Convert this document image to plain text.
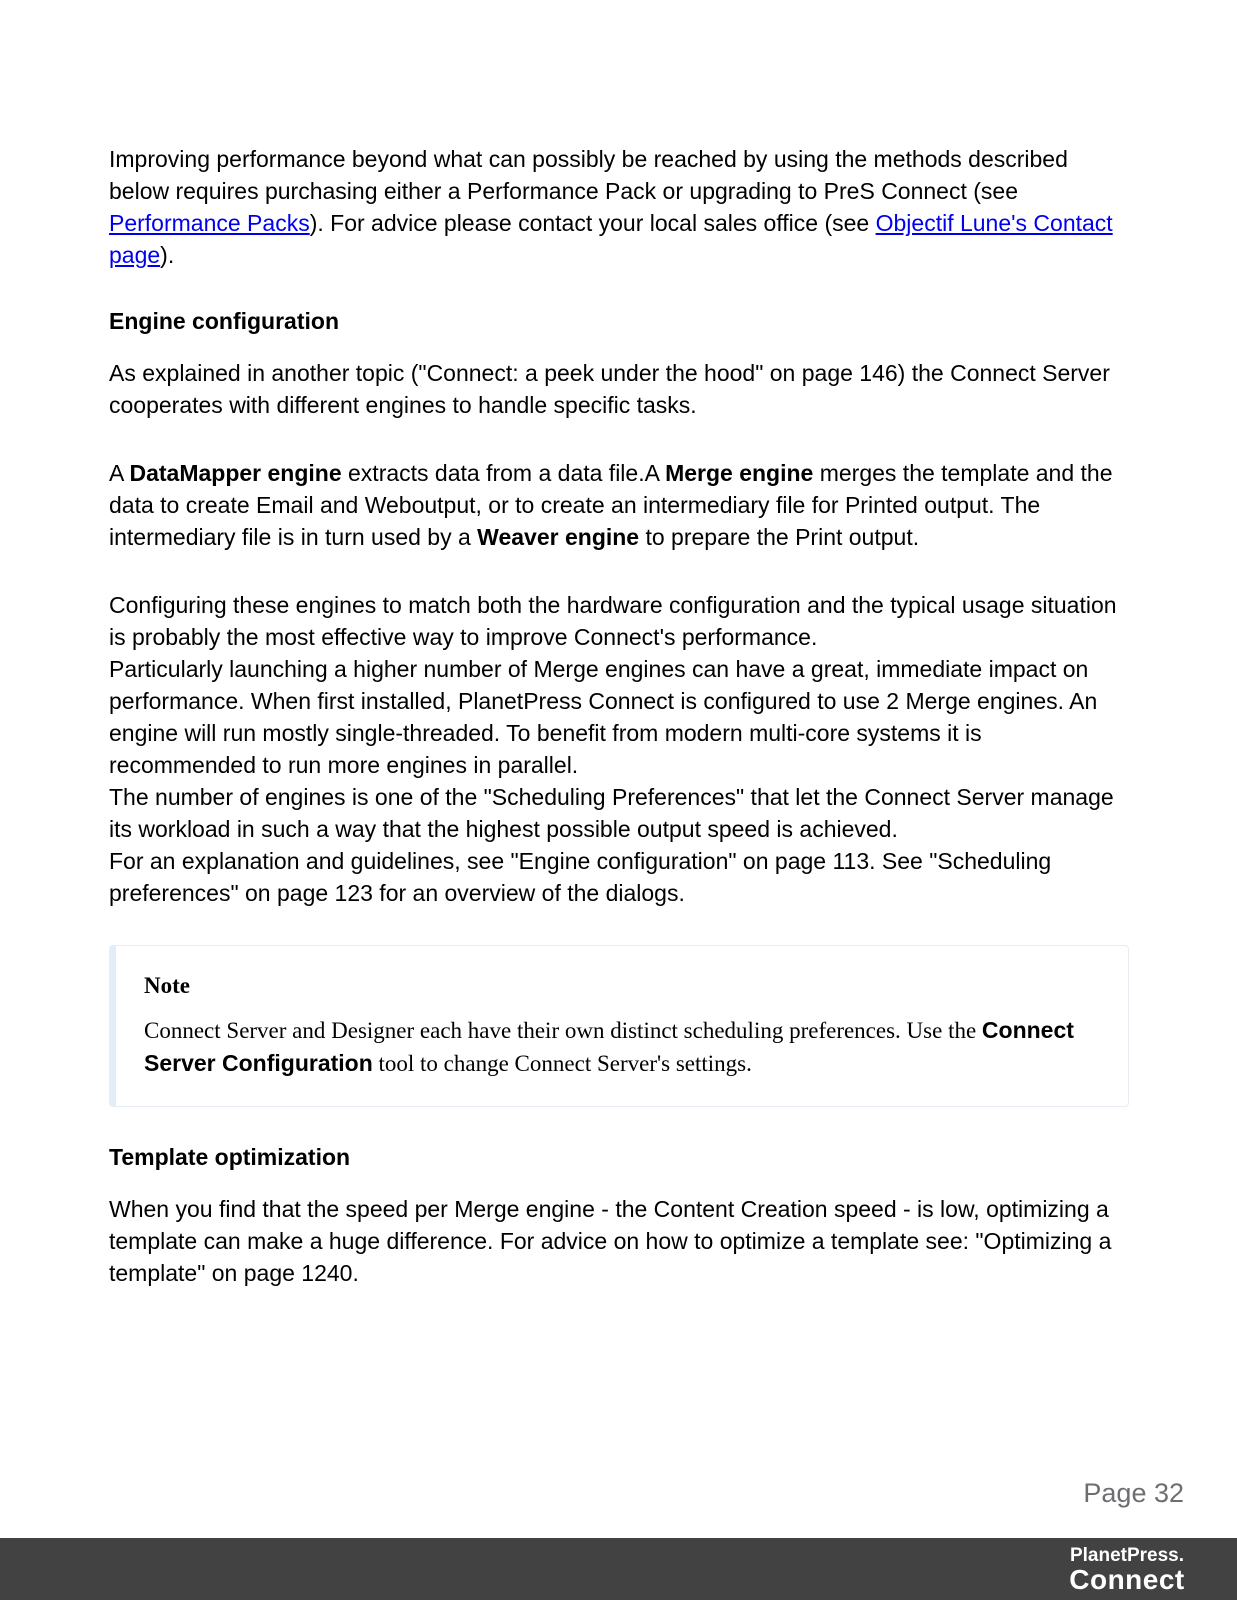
Improving performance beyond what can possibly be reached by using the methods described below requires purchasing either a Performance Pack or upgrading to PreS Connect (see Performance Packs). For advice please contact your local sales office (see Objectif Lune's Contact page).

Engine configuration

As explained in another topic ("Connect: a peek under the hood" on page 146) the Connect Server cooperates with different engines to handle specific tasks.

A DataMapper engine extracts data from a data file.A Merge engine merges the template and the data to create Email and Weboutput, or to create an intermediary file for Printed output. The intermediary file is in turn used by a Weaver engine to prepare the Print output.

Configuring these engines to match both the hardware configuration and the typical usage situation is probably the most effective way to improve Connect's performance.

Particularly launching a higher number of Merge engines can have a great, immediate impact on performance. When first installed, PlanetPress Connect is configured to use 2 Merge engines. An engine will run mostly single-threaded. To benefit from modern multi-core systems it is recommended to run more engines in parallel.

The number of engines is one of the "Scheduling Preferences" that let the Connect Server manage its workload in such a way that the highest possible output speed is achieved.

For an explanation and guidelines, see "Engine configuration" on page 113. See "Scheduling preferences" on page 123 for an overview of the dialogs.

Note
Connect Server and Designer each have their own distinct scheduling preferences. Use the Connect Server Configuration tool to change Connect Server's settings.
Template optimization

When you find that the speed per Merge engine - the Content Creation speed - is low, optimizing a template can make a huge difference. For advice on how to optimize a template see: "Optimizing a template" on page 1240.

Page 32
PlanetPress.
Connect
